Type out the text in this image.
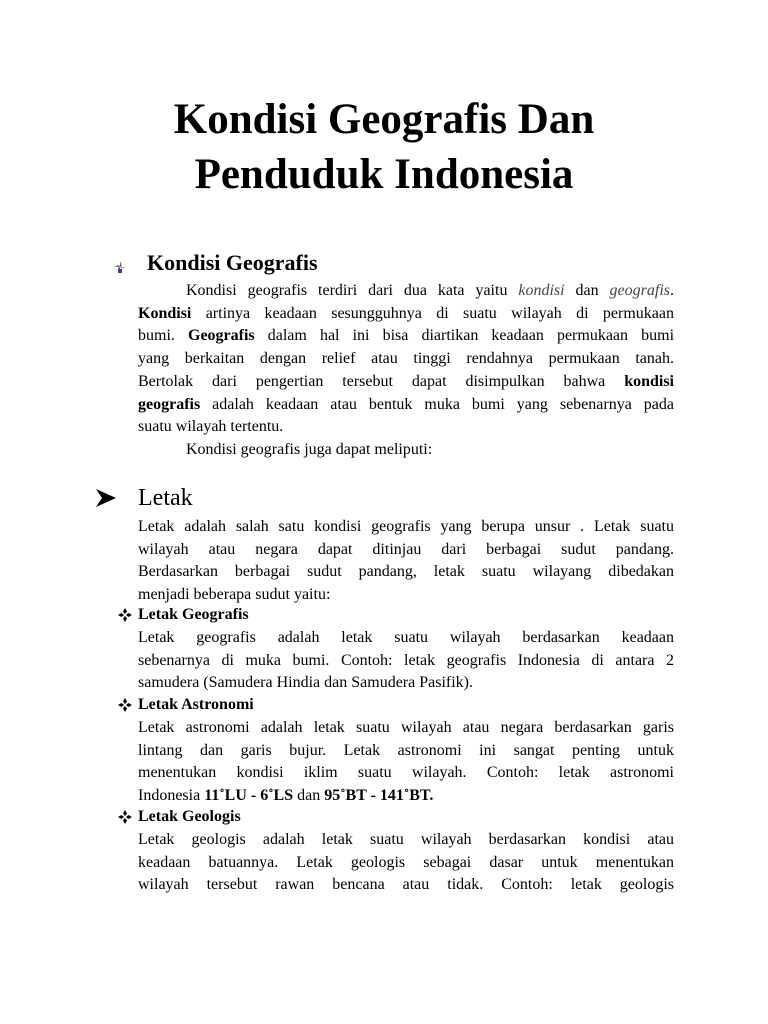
Kondisi Geografis Dan
Penduduk Indonesia
Kondisi Geografis
Kondisi geografis terdiri dari dua kata yaitu kondisi dan geografis.
Kondisi artinya keadaan sesungguhnya di suatu wilayah di permukaan
bumi. Geografis dalam hal ini bisa diartikan keadaan permukaan bumi
yang berkaitan dengan relief atau tinggi rendahnya permukaan tanah.
Bertolak dari pengertian tersebut dapat disimpulkan bahwa kondisi
geografis adalah keadaan atau bentuk muka bumi yang sebenarnya pada
suatu wilayah tertentu.
Kondisi geografis juga dapat meliputi:
Letak
Letak adalah salah satu kondisi geografis yang berupa unsur . Letak suatu
wilayah atau negara dapat ditinjau dari berbagai sudut pandang.
Berdasarkan berbagai sudut pandang, letak suatu wilayang dibedakan
menjadi beberapa sudut yaitu:
Letak Geografis
Letak geografis adalah letak suatu wilayah berdasarkan keadaan
sebenarnya di muka bumi. Contoh: letak geografis Indonesia di antara 2
samudera (Samudera Hindia dan Samudera Pasifik).
Letak Astronomi
Letak astronomi adalah letak suatu wilayah atau negara berdasarkan garis
lintang dan garis bujur. Letak astronomi ini sangat penting untuk
menentukan kondisi iklim suatu wilayah. Contoh: letak astronomi
Indonesia 11˚LU - 6˚LS dan 95˚BT - 141˚BT.
Letak Geologis
Letak geologis adalah letak suatu wilayah berdasarkan kondisi atau
keadaan batuannya. Letak geologis sebagai dasar untuk menentukan
wilayah tersebut rawan bencana atau tidak. Contoh: letak geologis
